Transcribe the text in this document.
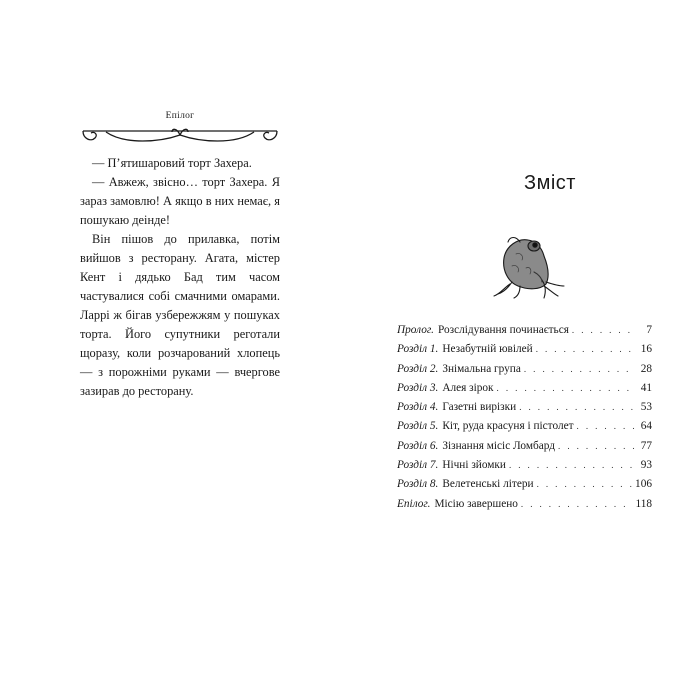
Епілог

— П’ятишаровий торт Захера.

— Авжеж, звісно… торт Захера. Я зараз замовлю! А якщо в них немає, я пошукаю деінде!

Він пішов до прилавка, потім вийшов з ресторану. Агата, містер Кент і дядько Бад тим часом частувалися собі смачними омарами. Ларрі ж бігав узбережжям у пошуках торта. Його супутники реготали щоразу, коли розчарований хлопець — з порожніми руками — вчергове зазирав до ресторану.

Зміст
Пролог. Розслідування починається . . .	7
Розділ 1. Незабутній ювілей . . .	16
Розділ 2. Знімальна група . . .	28
Розділ 3. Алея зірок . . .	41
Розділ 4. Газетні вирізки . . .	53
Розділ 5. Кіт, руда красуня і пістолет . . .	64
Розділ 6. Зізнання місіс Ломбард . . .	77
Розділ 7. Нічні зйомки . . .	93
Розділ 8. Велетенські літери . . .	106
Епілог. Місію завершено . . .	118
